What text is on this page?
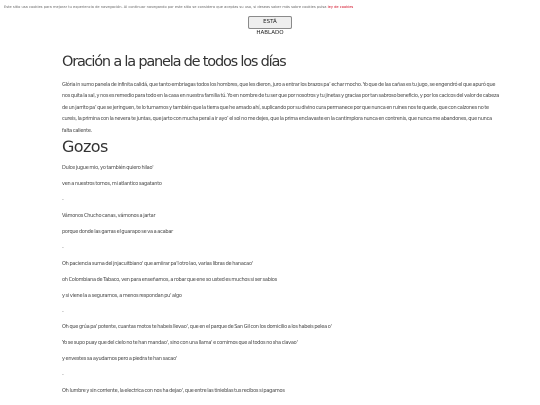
Este sitio usa cookies para mejorar tu experiencia de navegación. Al continuar navegando por este sitio se considera que aceptas su uso, si deseas saber más sobre cookies pulsa ley de cookies
ESTÁ HABLADO
Oración a la panela de todos los días

Glória in sumo panela de infinita calidá, que tanto embriagas todos los hombres, que les dieron, juro a entrar los brazos pa’ echar mocho. Yo que de las cañas es tu jugo, se engendró el que apuró que nos quita la sal, y nos es remedio para todo en la casa en nuestra familia tú. Yo en nombre de tu ser que por nosotros y tu jinetas y gracias por tan sabroso beneficio, y por los cacicos del valor de cabeza de un jarrito pa’ que se jeringuen, te lo tumarnos y también que la tierra que he amado ahí, suplicando por su divino cura permanece por que nunca en ruines nos te quede, que con calzones no te cureis, la primina con la nevera te juntas, que jarto con mucha peral a ir ayo’ el sol no me dejes, que la prima enclavaste en la cantimplora nunca en contrenis, que nunca me abandones, que nunca falta caliente.

Gozos
Dulce jugue mio, yo también quiero hilao'
ven a nuestros tornos, mi atlantico sagatanto
-
Vámonos Chucho canas, vámonos a jartar
porque donde las garras el guarapo se va a acabar
-
Oh paciencia suma del jnjacuitbiano' que amiirar pa'l otro lao, varias libras de hanacao'
oh Colombiana de Tabaco, ven para enseñarnos, a robar que ene so usted es muchos si ser sabios
y si viene la a seguramos, a menos respondan pu' algo
-
Oh que grúa pa' potente, cuantas motos te habeis llevao', que en el parque de San Gil con los domicilio a los habeis pelea o'
Yo se supo puay que del cielo no te han mandao', sino con una llama' e comimos que al todos no sha clavao'
y envestes sa ayudarnos pero a piedra te han sacao'
-
Oh lumbre y sin corriente, la electrica con nos ha dejao', que entre las tinieblas tus recibos si pagamos
